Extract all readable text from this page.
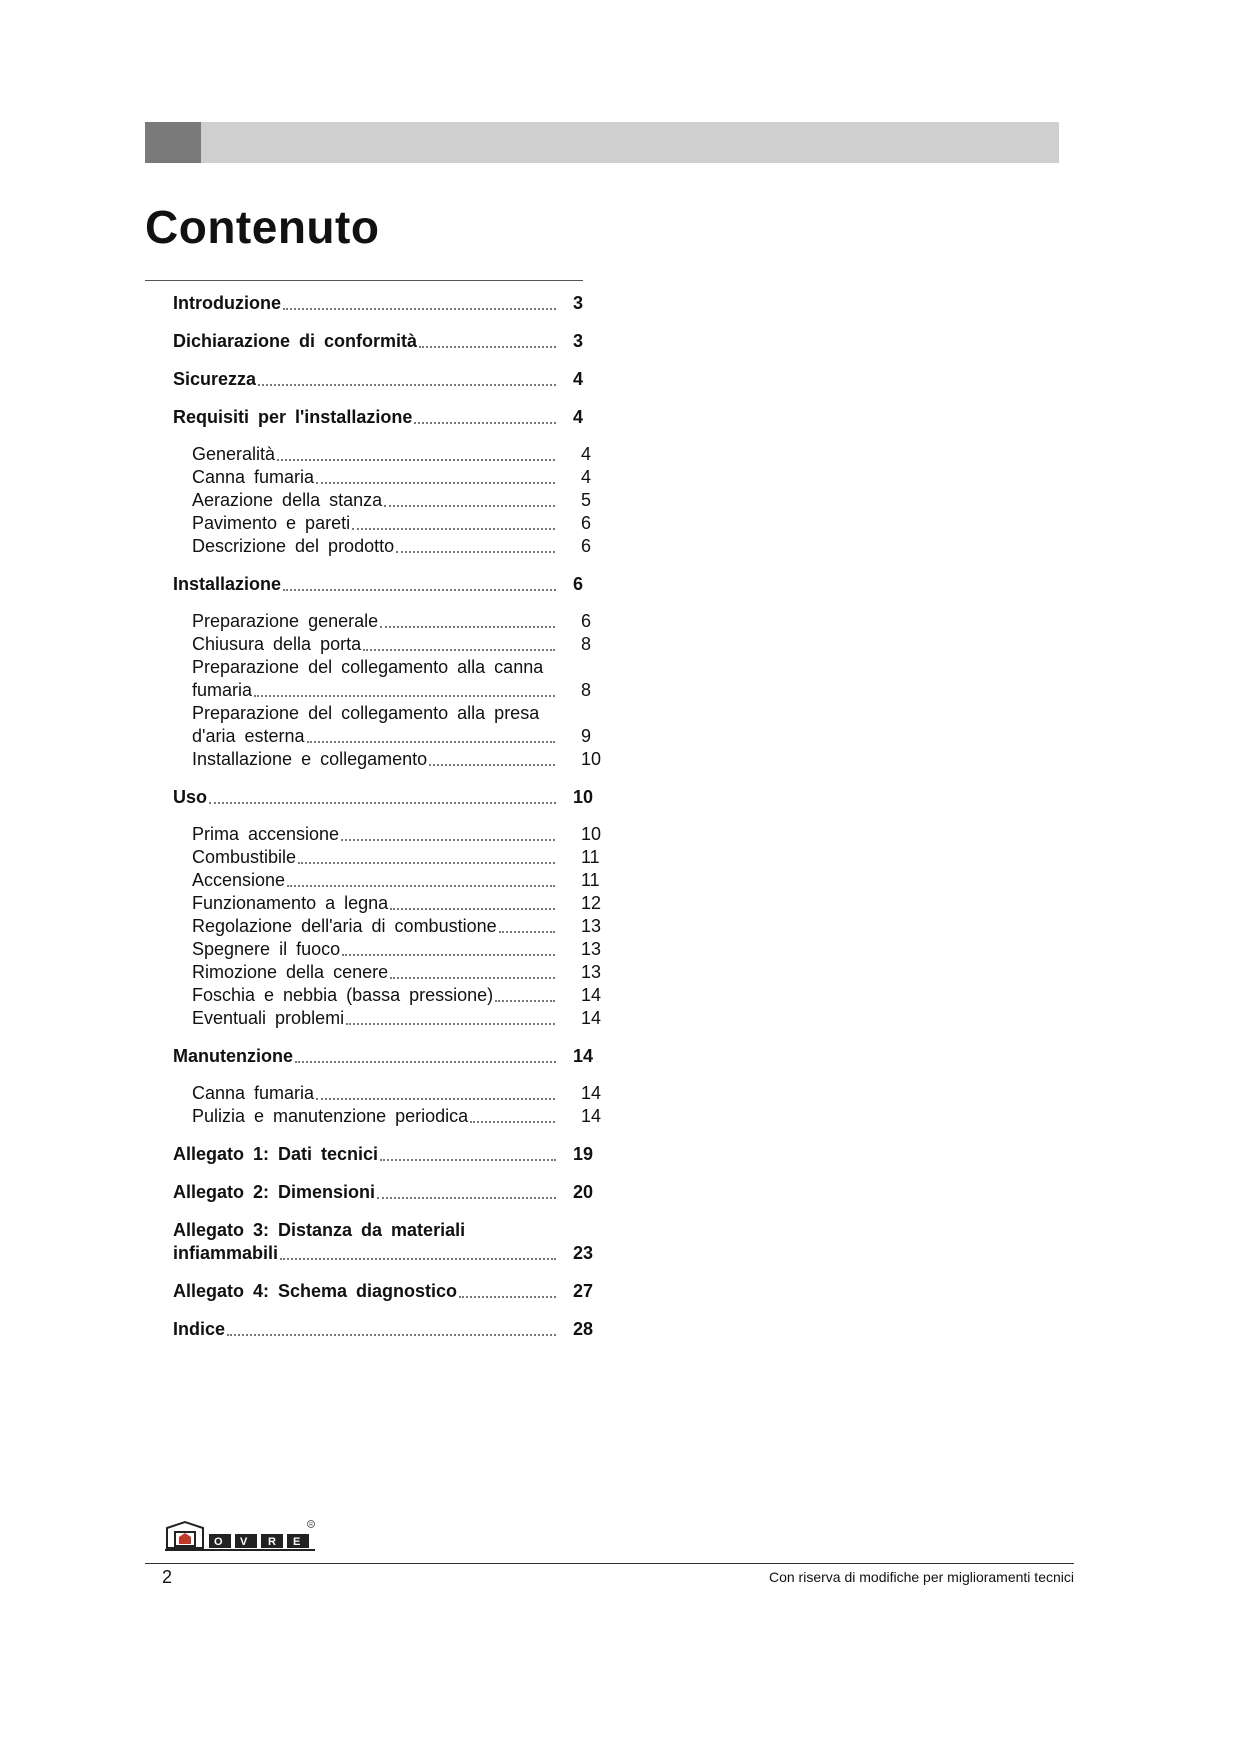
Contenuto
Introduzione	3
Dichiarazione di conformità	3
Sicurezza	4
Requisiti per l'installazione	4
Generalità	4
Canna fumaria	4
Aerazione della stanza	5
Pavimento e pareti	6
Descrizione del prodotto	6
Installazione	6
Preparazione generale	6
Chiusura della porta	8
Preparazione del collegamento alla canna
fumaria	8
Preparazione del collegamento alla presa
d'aria esterna	9
Installazione e collegamento	10
Uso	10
Prima accensione	10
Combustibile	11
Accensione	11
Funzionamento a legna	12
Regolazione dell'aria di combustione	13
Spegnere il fuoco	13
Rimozione della cenere	13
Foschia e nebbia (bassa pressione)	14
Eventuali problemi	14
Manutenzione	14
Canna fumaria	14
Pulizia e manutenzione periodica	14
Allegato 1: Dati tecnici	19
Allegato 2: Dimensioni	20
Allegato 3: Distanza da materiali
infiammabili	23
Allegato 4: Schema diagnostico	27
Indice	28
O V R E
R
2	Con riserva di modifiche per miglioramenti tecnici
